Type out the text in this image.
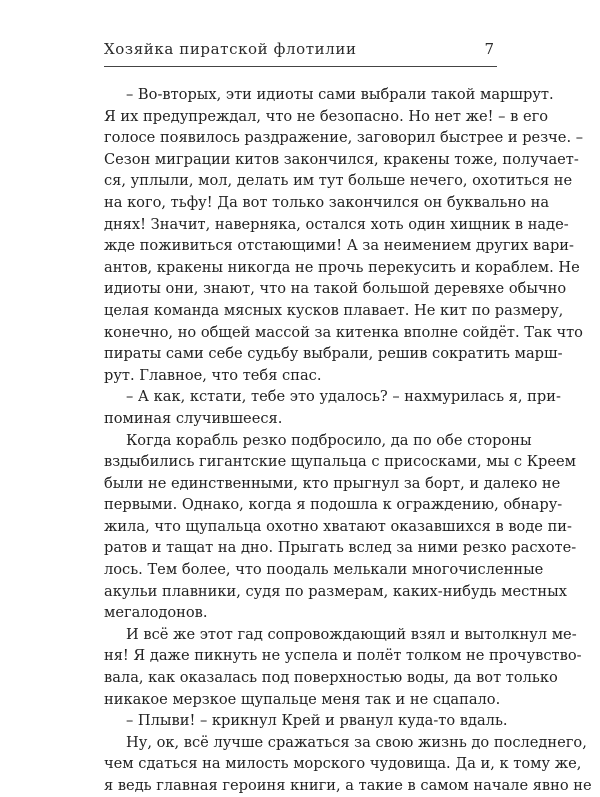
Хозяйка пиратской флотилии	7

– Во-вторых, эти идиоты сами выбрали такой маршрут.
Я их предупреждал, что не безопасно. Но нет же! – в его
голосе появилось раздражение, заговорил быстрее и резче. –
Сезон миграции китов закончился, кракены тоже, получает-
ся, уплыли, мол, делать им тут больше нечего, охотиться не
на кого, тьфу! Да вот только закончился он буквально на
днях! Значит, наверняка, остался хоть один хищник в наде-
жде поживиться отстающими! А за неимением других вари-
антов, кракены никогда не прочь перекусить и кораблем. Не
идиоты они, знают, что на такой большой деревяхе обычно
целая команда мясных кусков плавает. Не кит по размеру,
конечно, но общей массой за китенка вполне сойдёт. Так что
пираты сами себе судьбу выбрали, решив сократить марш-
рут. Главное, что тебя спас.

– А как, кстати, тебе это удалось? – нахмурилась я, при-
поминая случившееся.

Когда корабль резко подбросило, да по обе стороны
вздыбились гигантские щупальца с присосками, мы с Креем
были не единственными, кто прыгнул за борт, и далеко не
первыми. Однако, когда я подошла к ограждению, обнару-
жила, что щупальца охотно хватают оказавшихся в воде пи-
ратов и тащат на дно. Прыгать вслед за ними резко расхоте-
лось. Тем более, что поодаль мелькали многочисленные
акульи плавники, судя по размерам, каких-нибудь местных
мегалодонов.

И всё же этот гад сопровождающий взял и вытолкнул ме-
ня! Я даже пикнуть не успела и полёт толком не прочувство-
вала, как оказалась под поверхностью воды, да вот только
никакое мерзкое щупальце меня так и не сцапало.

– Плыви! – крикнул Крей и рванул куда-то вдаль.

Ну, ок, всё лучше сражаться за свою жизнь до последнего,
чем сдаться на милость морского чудовища. Да и, к тому же,
я ведь главная героиня книги, а такие в самом начале явно не
